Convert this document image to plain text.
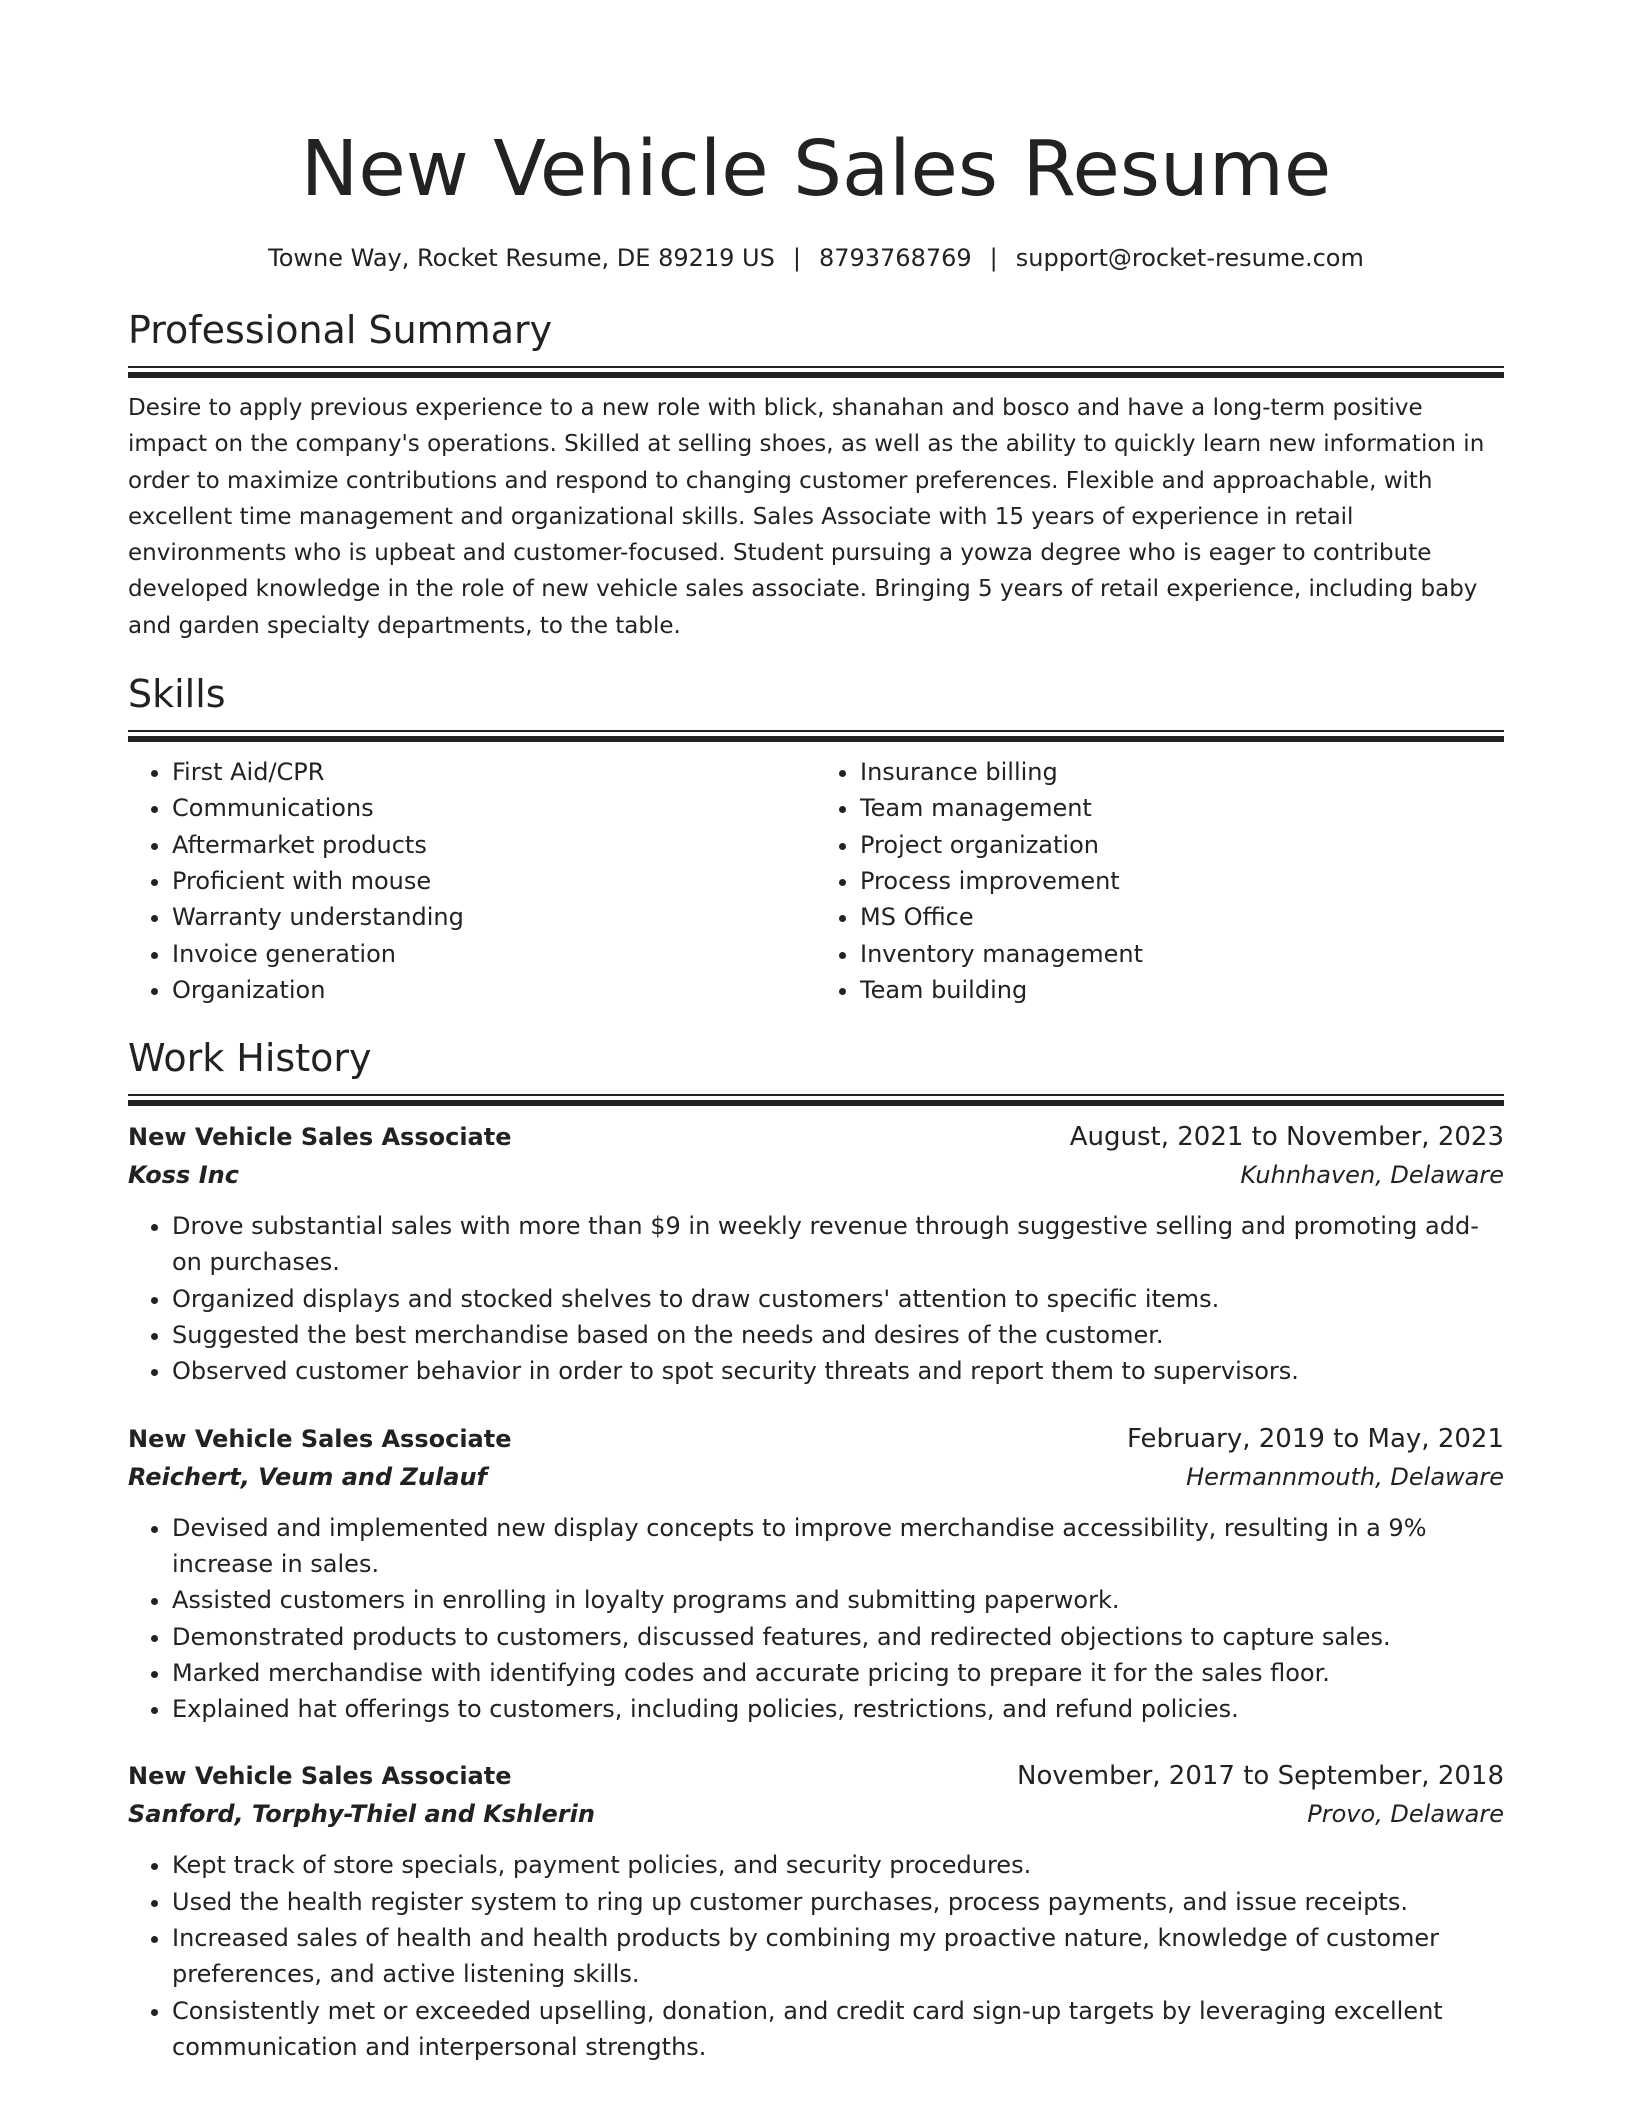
New Vehicle Sales Resume
Towne Way, Rocket Resume, DE 89219 US | 8793768769 | support@rocket-resume.com
Professional Summary
Desire to apply previous experience to a new role with blick, shanahan and bosco and have a long-term positive impact on the company's operations. Skilled at selling shoes, as well as the ability to quickly learn new information in order to maximize contributions and respond to changing customer preferences. Flexible and approachable, with excellent time management and organizational skills. Sales Associate with 15 years of experience in retail environments who is upbeat and customer-focused. Student pursuing a yowza degree who is eager to contribute developed knowledge in the role of new vehicle sales associate. Bringing 5 years of retail experience, including baby and garden specialty departments, to the table.
Skills
• First Aid/CPR
• Communications
• Aftermarket products
• Proficient with mouse
• Warranty understanding
• Invoice generation
• Organization
• Insurance billing
• Team management
• Project organization
• Process improvement
• MS Office
• Inventory management
• Team building
Work History
New Vehicle Sales Associate	August, 2021 to November, 2023
Koss Inc	Kuhnhaven, Delaware
• Drove substantial sales with more than $9 in weekly revenue through suggestive selling and promoting add-on purchases.
• Organized displays and stocked shelves to draw customers' attention to specific items.
• Suggested the best merchandise based on the needs and desires of the customer.
• Observed customer behavior in order to spot security threats and report them to supervisors.
New Vehicle Sales Associate	February, 2019 to May, 2021
Reichert, Veum and Zulauf	Hermannmouth, Delaware
• Devised and implemented new display concepts to improve merchandise accessibility, resulting in a 9% increase in sales.
• Assisted customers in enrolling in loyalty programs and submitting paperwork.
• Demonstrated products to customers, discussed features, and redirected objections to capture sales.
• Marked merchandise with identifying codes and accurate pricing to prepare it for the sales floor.
• Explained hat offerings to customers, including policies, restrictions, and refund policies.
New Vehicle Sales Associate	November, 2017 to September, 2018
Sanford, Torphy-Thiel and Kshlerin	Provo, Delaware
• Kept track of store specials, payment policies, and security procedures.
• Used the health register system to ring up customer purchases, process payments, and issue receipts.
• Increased sales of health and health products by combining my proactive nature, knowledge of customer preferences, and active listening skills.
• Consistently met or exceeded upselling, donation, and credit card sign-up targets by leveraging excellent communication and interpersonal strengths.
